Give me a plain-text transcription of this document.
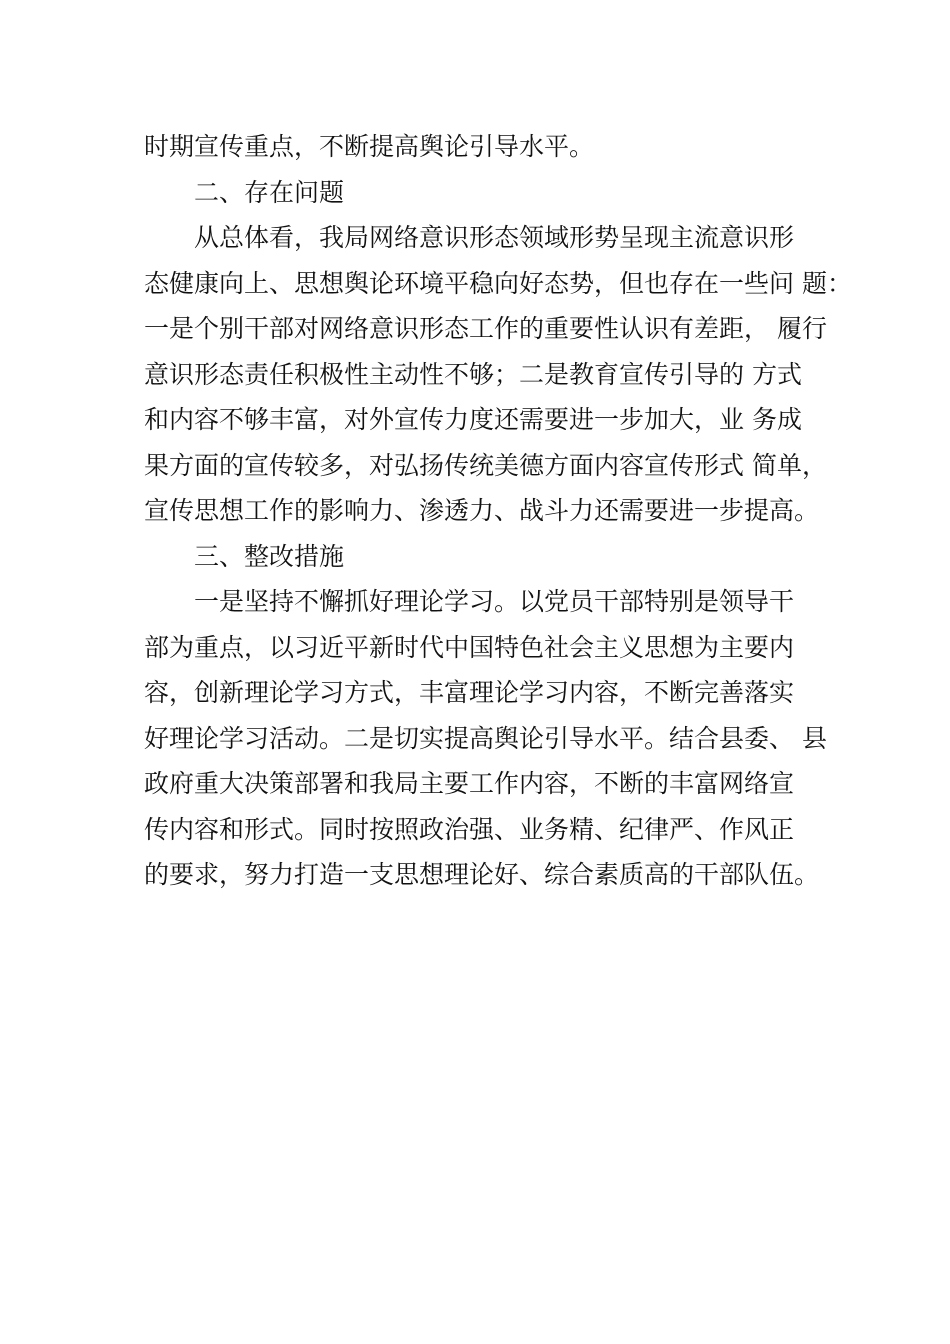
时期宣传重点，不断提高舆论引导水平。
二、存在问题
从总体看，我局网络意识形态领域形势呈现主流意识形
态健康向上、思想舆论环境平稳向好态势，但也存在一些问 题：
一是个别干部对网络意识形态工作的重要性认识有差距， 履行
意识形态责任积极性主动性不够；二是教育宣传引导的 方式
和内容不够丰富，对外宣传力度还需要进一步加大，业 务成
果方面的宣传较多，对弘扬传统美德方面内容宣传形式 简单，
宣传思想工作的影响力、渗透力、战斗力还需要进一步提高。
三、整改措施
一是坚持不懈抓好理论学习。以党员干部特别是领导干
部为重点，以习近平新时代中国特色社会主义思想为主要内
容，创新理论学习方式，丰富理论学习内容，不断完善落实
好理论学习活动。二是切实提高舆论引导水平。结合县委、 县
政府重大决策部署和我局主要工作内容，不断的丰富网络宣
传内容和形式。同时按照政治强、业务精、纪律严、作风正
的要求，努力打造一支思想理论好、综合素质高的干部队伍。
